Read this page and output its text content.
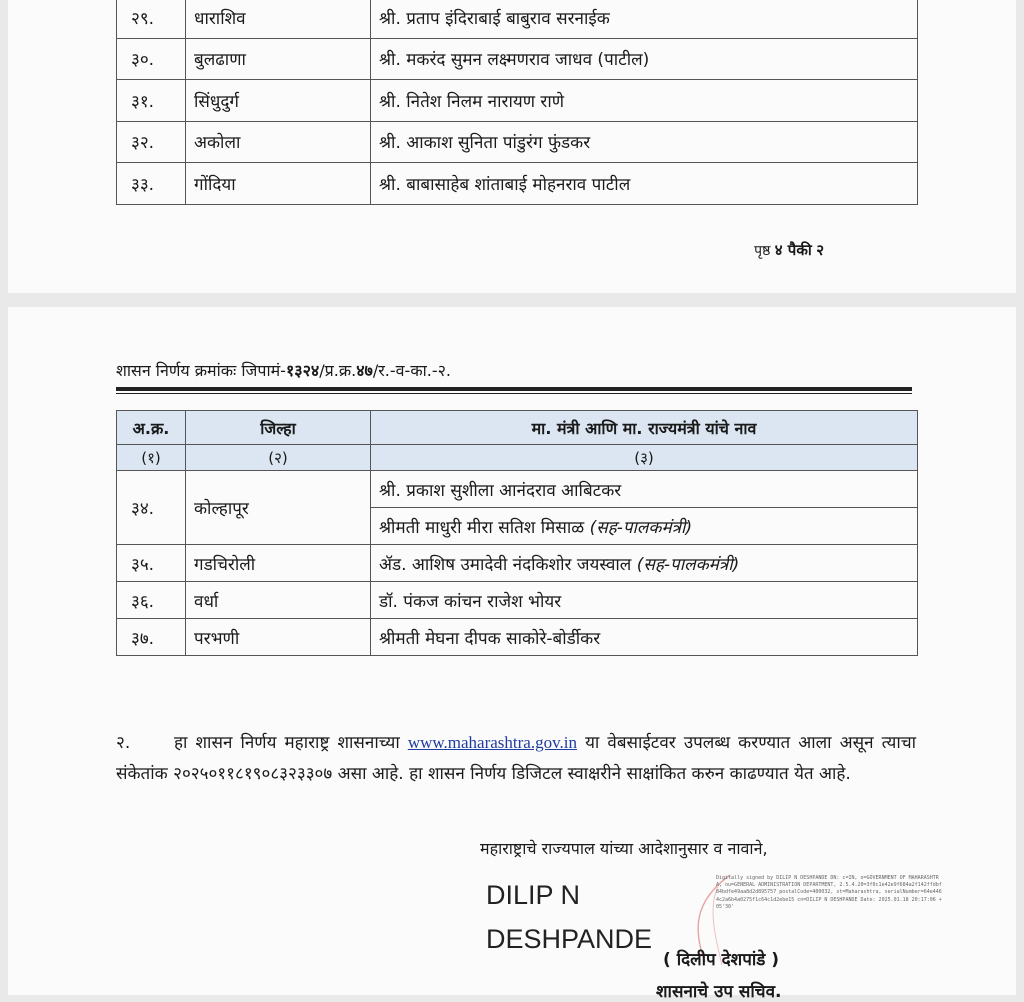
२९.	धाराशिव	श्री. प्रताप इंदिराबाई बाबुराव सरनाईक
३०.	बुलढाणा	श्री. मकरंद सुमन लक्ष्मणराव जाधव (पाटील)
३१.	सिंधुदुर्ग	श्री. नितेश निलम नारायण राणे
३२.	अकोला	श्री. आकाश सुनिता पांडुरंग फुंडकर
३३.	गोंदिया	श्री. बाबासाहेब शांताबाई मोहनराव पाटील
पृष्ठ ४ पैकी २
शासन निर्णय क्रमांकः जिपामं-१३२४/प्र.क्र.४७/र.-व-का.-२.
अ.क्र.	जिल्हा	मा. मंत्री आणि मा. राज्यमंत्री यांचे नाव
(१)	(२)	(३)
३४.	कोल्हापूर	श्री. प्रकाश सुशीला आनंदराव आबिटकर
		श्रीमती माधुरी मीरा सतिश मिसाळ (सह-पालकमंत्री)
३५.	गडचिरोली	ॲड. आशिष उमादेवी नंदकिशोर जयस्वाल (सह-पालकमंत्री)
३६.	वर्धा	डॉ. पंकज कांचन राजेश भोयर
३७.	परभणी	श्रीमती मेघना दीपक साकोरे-बोर्डीकर
२.	हा शासन निर्णय महाराष्ट्र शासनाच्या www.maharashtra.gov.in या वेबसाईटवर उपलब्ध करण्यात आला असून त्याचा संकेतांक २०२५०११८१९०८३२३३०७ असा आहे. हा शासन निर्णय डिजिटल स्वाक्षरीने साक्षांकित करुन काढण्यात येत आहे.
महाराष्ट्राचे राज्यपाल यांच्या आदेशानुसार व नावाने,
DILIP N
DESHPANDE
Digitally signed by DILIP N DESHPANDE DN: c=IN, o=GOVERNMENT OF MAHARASHTRA, ou=GENERAL ADMINISTRATION DEPARTMENT, 2.5.4.20=3f0c1e42e9f684a2f142ffdbf84bdfe49aa8d2d895757 postalCode=400032, st=Maharashtra, serialNumber=64e4464c2a6b4a0275f1c64c1d2ebe15 cn=DILIP N DESHPANDE Date: 2025.01.18 20:17:06 +05'30'
( दिलीप देशपांडे )
शासनाचे उप सचिव.
